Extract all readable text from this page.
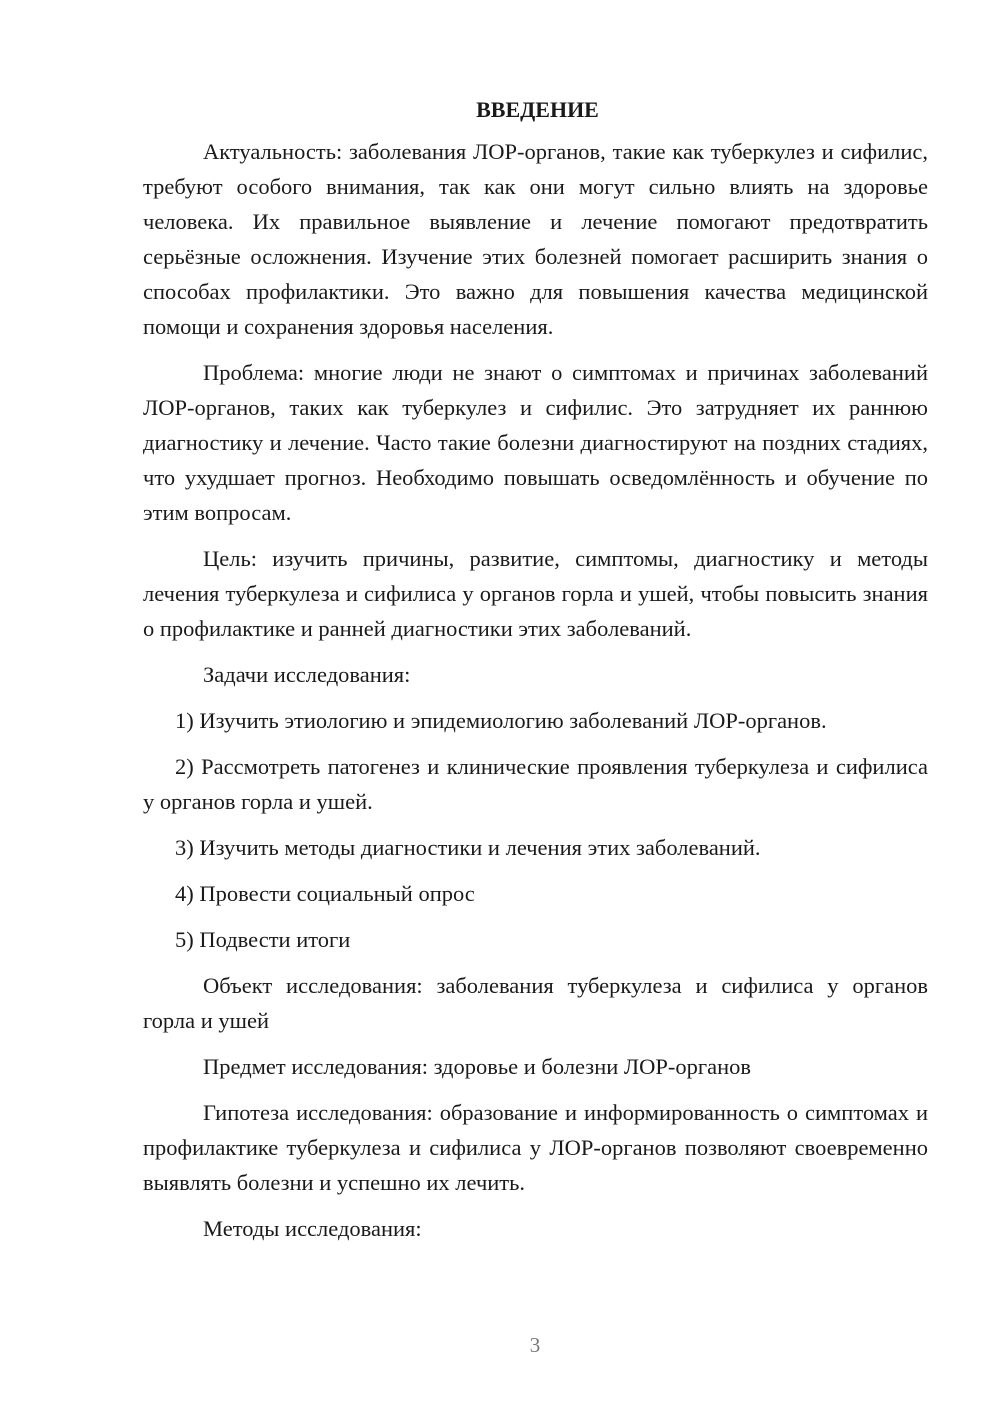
ВВЕДЕНИЕ

Актуальность: заболевания ЛОР-органов, такие как туберкулез и сифилис, требуют особого внимания, так как они могут сильно влиять на здоровье человека. Их правильное выявление и лечение помогают предотвратить серьёзные осложнения. Изучение этих болезней помогает расширить знания о способах профилактики. Это важно для повышения качества медицинской помощи и сохранения здоровья населения.

Проблема: многие люди не знают о симптомах и причинах заболеваний ЛОР-органов, таких как туберкулез и сифилис. Это затрудняет их раннюю диагностику и лечение. Часто такие болезни диагностируют на поздних стадиях, что ухудшает прогноз. Необходимо повышать осведомлённость и обучение по этим вопросам.

Цель: изучить причины, развитие, симптомы, диагностику и методы лечения туберкулеза и сифилиса у органов горла и ушей, чтобы повысить знания о профилактике и ранней диагностики этих заболеваний.

Задачи исследования:

1) Изучить этиологию и эпидемиологию заболеваний ЛОР-органов.

2) Рассмотреть патогенез и клинические проявления туберкулеза и сифилиса у органов горла и ушей.

3) Изучить методы диагностики и лечения этих заболеваний.

4) Провести социальный опрос

5) Подвести итоги

Объект исследования: заболевания туберкулеза и сифилиса у органов горла и ушей

Предмет исследования: здоровье и болезни ЛОР-органов

Гипотеза исследования: образование и информированность о симптомах и профилактике туберкулеза и сифилиса у ЛОР-органов позволяют своевременно выявлять болезни и успешно их лечить.

Методы исследования:

3
